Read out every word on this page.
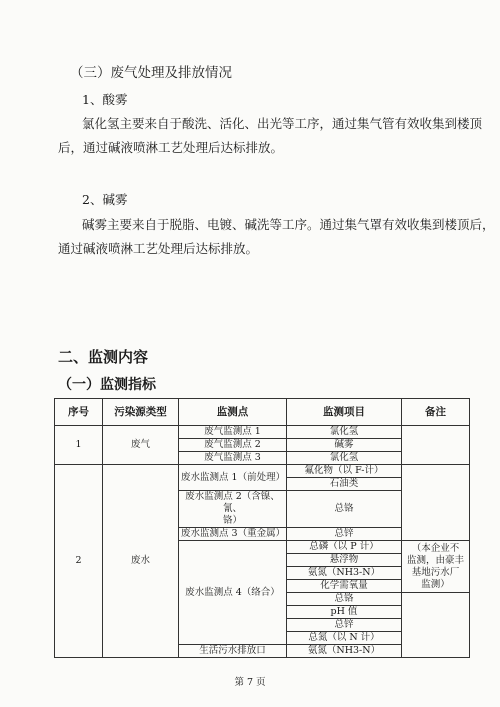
（三）废气处理及排放情况
1、酸雾
氯化氢主要来自于酸洗、活化、出光等工序，通过集气管有效收集到楼顶
后，通过碱液喷淋工艺处理后达标排放。
2、碱雾
碱雾主要来自于脱脂、电镀、碱洗等工序。通过集气罩有效收集到楼顶后，
通过碱液喷淋工艺处理后达标排放。
二、监测内容
（一）监测指标
序号	污染源类型	监测点	监测项目	备注
1	废气	废气监测点 1	氯化氢	
		废气监测点 2	碱雾	
		废气监测点 3	氯化氢	
2	废水	废水监测点 1（前处理）	氟化物（以 F-计）	
			石油类	

		废水监测点 2（含镍、氰、
铬）	总铬	

		废水监测点 3（重金属）	总锌	
		废水监测点 4（络合）	总磷（以 P 计）	（本企业不
监测，由豪丰
基地污水厂
监测）

			悬浮物	
			氨氮（NH3-N）	
			化学需氧量	
			总铬	
			pH 值	
			总锌	
			总氮（以 N 计）	
		生活污水排放口	氨氮（NH3-N）	
第 7 页
